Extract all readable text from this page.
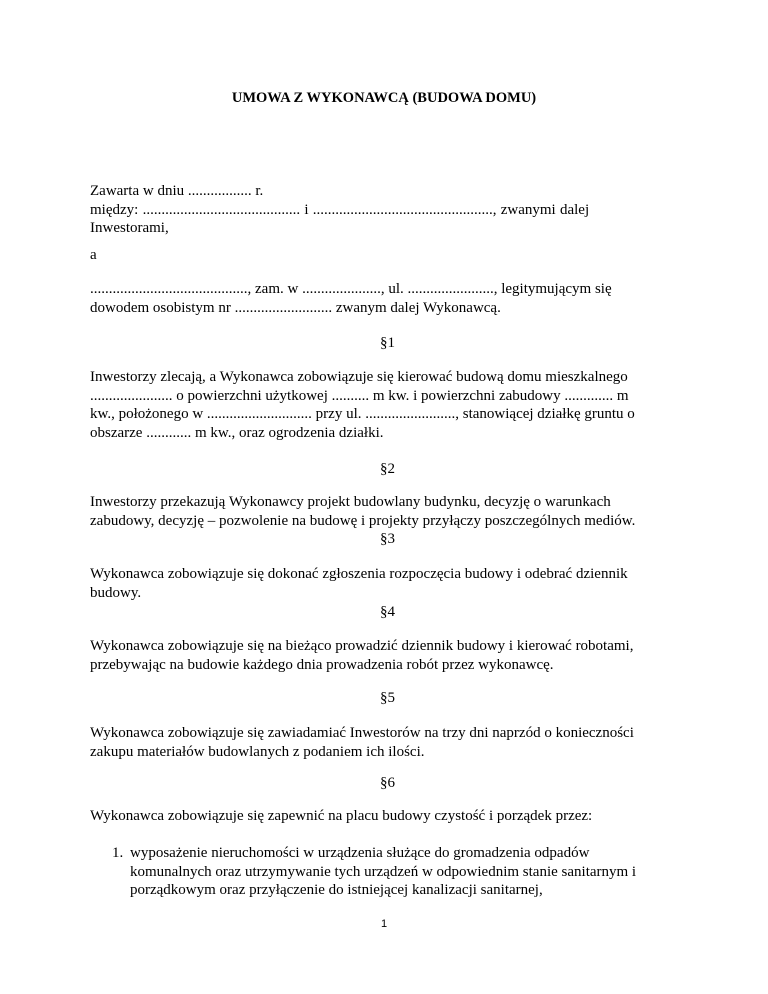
UMOWA Z WYKONAWCĄ (BUDOWA DOMU)
Zawarta w dniu ................. r.
między: .......................................... i ................................................, zwanymi dalej
Inwestorami,
a
.........................................., zam. w ....................., ul. ......................., legitymującym się
dowodem osobistym nr .......................... zwanym dalej Wykonawcą.
§1
Inwestorzy zlecają, a Wykonawca zobowiązuje się kierować budową domu mieszkalnego
...................... o powierzchni użytkowej .......... m kw. i powierzchni zabudowy ............. m
kw., położonego w ............................ przy ul. ........................, stanowiącej działkę gruntu o
obszarze ............ m kw., oraz ogrodzenia działki.
§2
Inwestorzy przekazują Wykonawcy projekt budowlany budynku, decyzję o warunkach
zabudowy, decyzję – pozwolenie na budowę i projekty przyłączy poszczególnych mediów.
§3
Wykonawca zobowiązuje się dokonać zgłoszenia rozpoczęcia budowy i odebrać dziennik
budowy.
§4
Wykonawca zobowiązuje się na bieżąco prowadzić dziennik budowy i kierować robotami,
przebywając na budowie każdego dnia prowadzenia robót przez wykonawcę.
§5
Wykonawca zobowiązuje się zawiadamiać Inwestorów na trzy dni naprzód o konieczności
zakupu materiałów budowlanych z podaniem ich ilości.
§6
Wykonawca zobowiązuje się zapewnić na placu budowy czystość i porządek przez:
1. wyposażenie nieruchomości w urządzenia służące do gromadzenia odpadów
komunalnych oraz utrzymywanie tych urządzeń w odpowiednim stanie sanitarnym i
porządkowym oraz przyłączenie do istniejącej kanalizacji sanitarnej,
1
